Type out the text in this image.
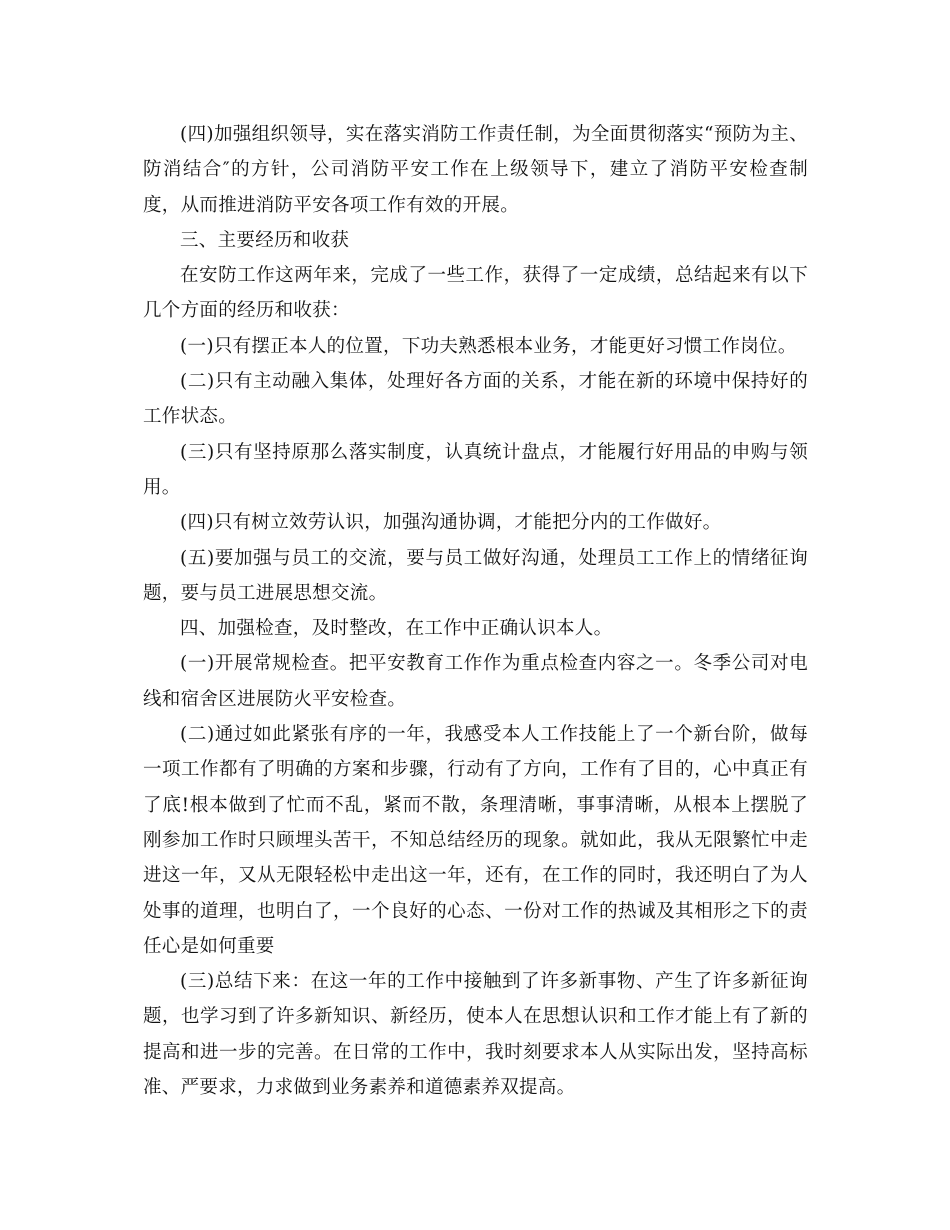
(四)加强组织领导，实在落实消防工作责任制，为全面贯彻落实“预防为主、防消结合″的方针，公司消防平安工作在上级领导下，建立了消防平安检查制度，从而推进消防平安各项工作有效的开展。

三、主要经历和收获

在安防工作这两年来，完成了一些工作，获得了一定成绩，总结起来有以下几个方面的经历和收获：

(一)只有摆正本人的位置，下功夫熟悉根本业务，才能更好习惯工作岗位。

(二)只有主动融入集体，处理好各方面的关系，才能在新的环境中保持好的工作状态。

(三)只有坚持原那么落实制度，认真统计盘点，才能履行好用品的申购与领用。

(四)只有树立效劳认识，加强沟通协调，才能把分内的工作做好。

(五)要加强与员工的交流，要与员工做好沟通，处理员工工作上的情绪征询题，要与员工进展思想交流。

四、加强检查，及时整改，在工作中正确认识本人。

(一)开展常规检查。把平安教育工作作为重点检查内容之一。冬季公司对电线和宿舍区进展防火平安检查。

(二)通过如此紧张有序的一年，我感受本人工作技能上了一个新台阶，做每一项工作都有了明确的方案和步骤，行动有了方向，工作有了目的，心中真正有了底!根本做到了忙而不乱，紧而不散，条理清晰，事事清晰，从根本上摆脱了刚参加工作时只顾埋头苦干，不知总结经历的现象。就如此，我从无限繁忙中走进这一年，又从无限轻松中走出这一年，还有，在工作的同时，我还明白了为人处事的道理，也明白了，一个良好的心态、一份对工作的热诚及其相形之下的责任心是如何重要

(三)总结下来：在这一年的工作中接触到了许多新事物、产生了许多新征询题，也学习到了许多新知识、新经历，使本人在思想认识和工作才能上有了新的提高和进一步的完善。在日常的工作中，我时刻要求本人从实际出发，坚持高标准、严要求，力求做到业务素养和道德素养双提高。
